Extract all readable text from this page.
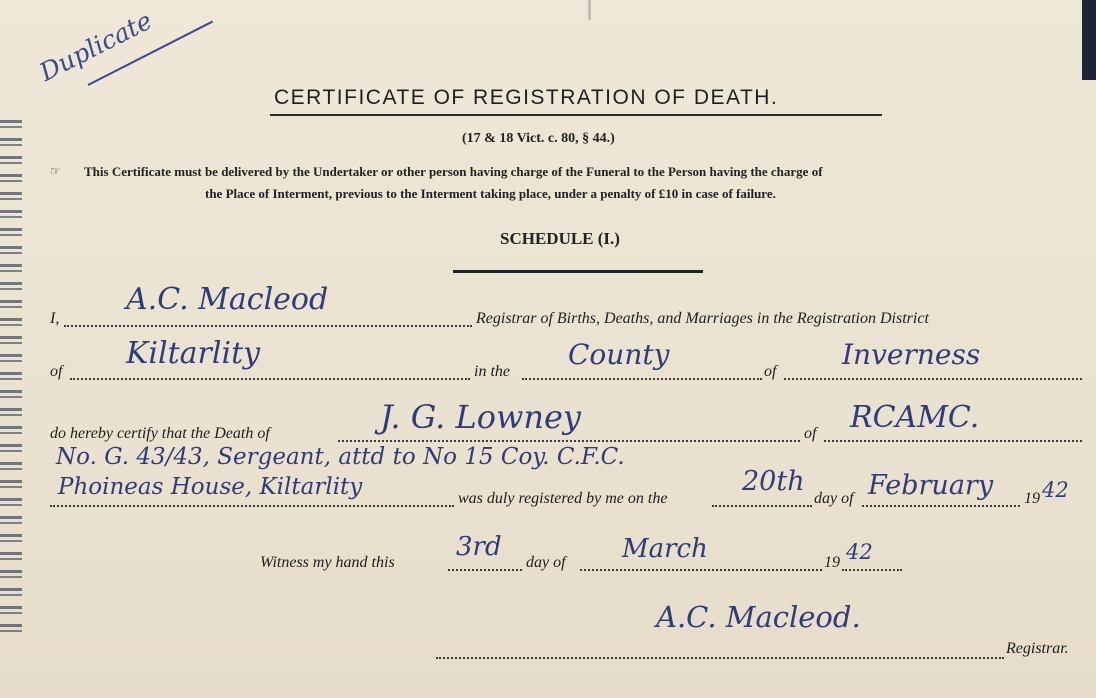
Duplicate
CERTIFICATE OF REGISTRATION OF DEATH.
(17 & 18 Vict. c. 80, § 44.)
☞ This Certificate must be delivered by the Undertaker or other person having charge of the Funeral to the Person having the charge of
the Place of Interment, previous to the Interment taking place, under a penalty of £10 in case of failure.
SCHEDULE (I.)
I,
A.C. Macleod
Registrar of Births, Deaths, and Marriages in the Registration District
of
Kiltarlity
in the
County
of
Inverness
do hereby certify that the Death of	J. G. Lowney	of RCAMC.
No. G. 43/43, Sergeant, attd to No 15 Coy. C.F.C.
Phoineas House, Kiltarlity	was duly registered by me on the
20th
day of February 19 42
Witness my hand this
3rd
day of March	19 42
A.C. Macleod.
Registrar.
